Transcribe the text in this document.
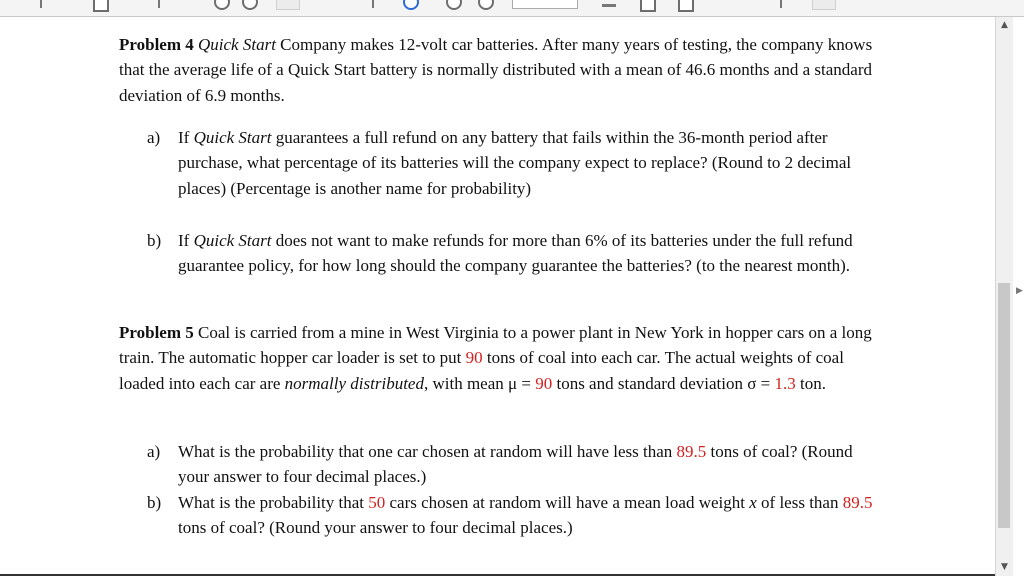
Problem 4 Quick Start Company makes 12-volt car batteries. After many years of testing, the company knows that the average life of a Quick Start battery is normally distributed with a mean of 46.6 months and a standard deviation of 6.9 months.

a) If Quick Start guarantees a full refund on any battery that fails within the 36-month period after purchase, what percentage of its batteries will the company expect to replace? (Round to 2 decimal places) (Percentage is another name for probability)
b) If Quick Start does not want to make refunds for more than 6% of its batteries under the full refund guarantee policy, for how long should the company guarantee the batteries? (to the nearest month).

Problem 5 Coal is carried from a mine in West Virginia to a power plant in New York in hopper cars on a long train. The automatic hopper car loader is set to put 90 tons of coal into each car. The actual weights of coal loaded into each car are normally distributed, with mean μ = 90 tons and standard deviation σ = 1.3 ton.

a) What is the probability that one car chosen at random will have less than 89.5 tons of coal? (Round your answer to four decimal places.)
b) What is the probability that 50 cars chosen at random will have a mean load weight x of less than 89.5 tons of coal? (Round your answer to four decimal places.)
▲
▼
▶
